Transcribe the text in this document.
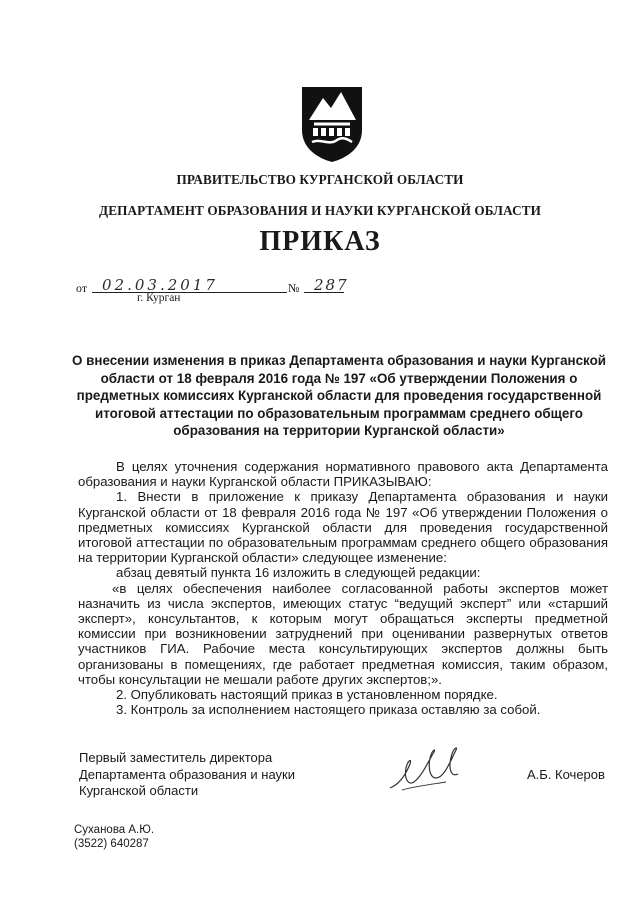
ПРАВИТЕЛЬСТВО КУРГАНСКОЙ ОБЛАСТИ
ДЕПАРТАМЕНТ ОБРАЗОВАНИЯ И НАУКИ КУРГАНСКОЙ ОБЛАСТИ
ПРИКАЗ
от 02.03.2017	№ 287
г. Курган
О внесении изменения в приказ Департамента образования и науки Курганской области от 18 февраля 2016 года № 197 «Об утверждении Положения о предметных комиссиях Курганской области для проведения государственной итоговой аттестации по образовательным программам среднего общего образования на территории Курганской области»

В целях уточнения содержания нормативного правового акта Департамента образования и науки Курганской области ПРИКАЗЫВАЮ:

1. Внести в приложение к приказу Департамента образования и науки Курганской области от 18 февраля 2016 года № 197 «Об утверждении Положения о предметных комиссиях Курганской области для проведения государственной итоговой аттестации по образовательным программам среднего общего образования на территории Курганской области» следующее изменение:

абзац девятый пункта 16 изложить в следующей редакции:

«в целях обеспечения наиболее согласованной работы экспертов может назначить из числа экспертов, имеющих статус “ведущий эксперт” или «старший эксперт», консультантов, к которым могут обращаться эксперты предметной комиссии при возникновении затруднений при оценивании развернутых ответов участников ГИА. Рабочие места консультирующих экспертов должны быть организованы в помещениях, где работает предметная комиссия, таким образом, чтобы консультации не мешали работе других экспертов;».

2. Опубликовать настоящий приказ в установленном порядке.

3. Контроль за исполнением настоящего приказа оставляю за собой.

Первый заместитель директора
Департамента образования и науки
Курганской области
А.Б. Кочеров
Суханова А.Ю.
(3522) 640287
